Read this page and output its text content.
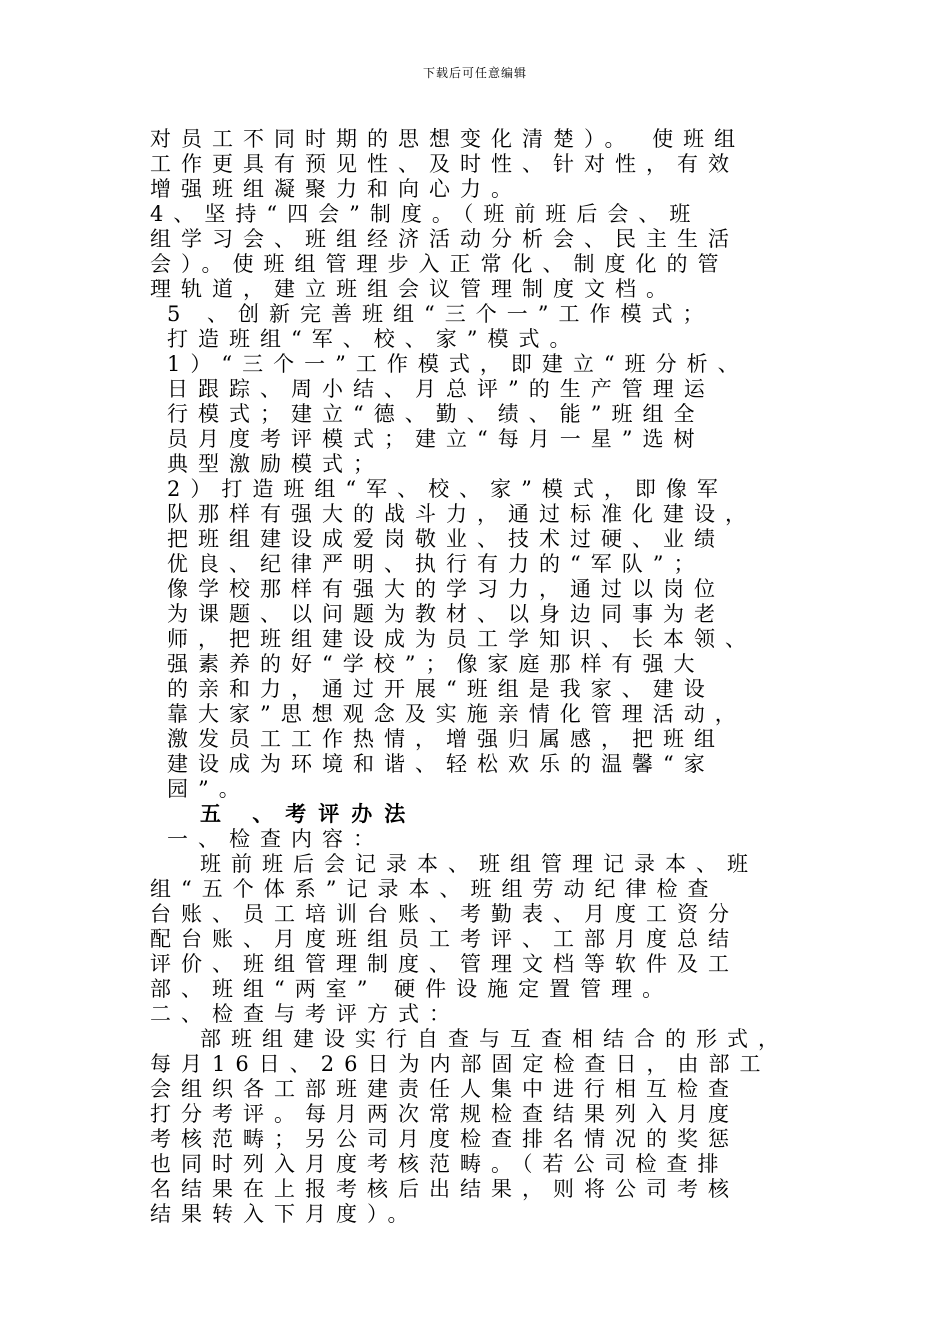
下载后可任意编辑
对员工不同时期的思想变化清楚）。 使班组
工作更具有预见性、及时性、针对性，有效
增强班组凝聚力和向心力。
4、坚持“四会”制度。（班前班后会、班
组学习会、班组经济活动分析会、民主生活
会）。使班组管理步入正常化、制度化的管
理轨道，建立班组会议管理制度文档。
5 、创新完善班组“三个一”工作模式；
打造班组“军、校、家”模式。
1）“三个一”工作模式，即建立“班分析、
日跟踪、周小结、月总评”的生产管理运
行模式；建立“德、勤、绩、能”班组全
员月度考评模式；建立“每月一星”选树
典型激励模式；
2）打造班组“军、校、家”模式，即像军
队那样有强大的战斗力，通过标准化建设，
把班组建设成爱岗敬业、技术过硬、业绩
优良、纪律严明、执行有力的“军队”；
像学校那样有强大的学习力，通过以岗位
为课题、以问题为教材、以身边同事为老
师，把班组建设成为员工学知识、长本领、
强素养的好“学校”；像家庭那样有强大
的亲和力，通过开展“班组是我家、建设
靠大家”思想观念及实施亲情化管理活动，
激发员工工作热情，增强归属感，把班组
建设成为环境和谐、轻松欢乐的温馨“家
园”。
五 、考评办法
一、检查内容：
班前班后会记录本、班组管理记录本、班
组“五个体系”记录本、班组劳动纪律检查
台账、员工培训台账、考勤表、月度工资分
配台账、月度班组员工考评、工部月度总结
评价、班组管理制度、管理文档等软件及工
部、班组“两室” 硬件设施定置管理。
二、检查与考评方式：
部班组建设实行自查与互查相结合的形式，
每月16日、26日为内部固定检查日，由部工
会组织各工部班建责任人集中进行相互检查
打分考评。每月两次常规检查结果列入月度
考核范畴；另公司月度检查排名情况的奖惩
也同时列入月度考核范畴。（若公司检查排
名结果在上报考核后出结果，则将公司考核
结果转入下月度）。
